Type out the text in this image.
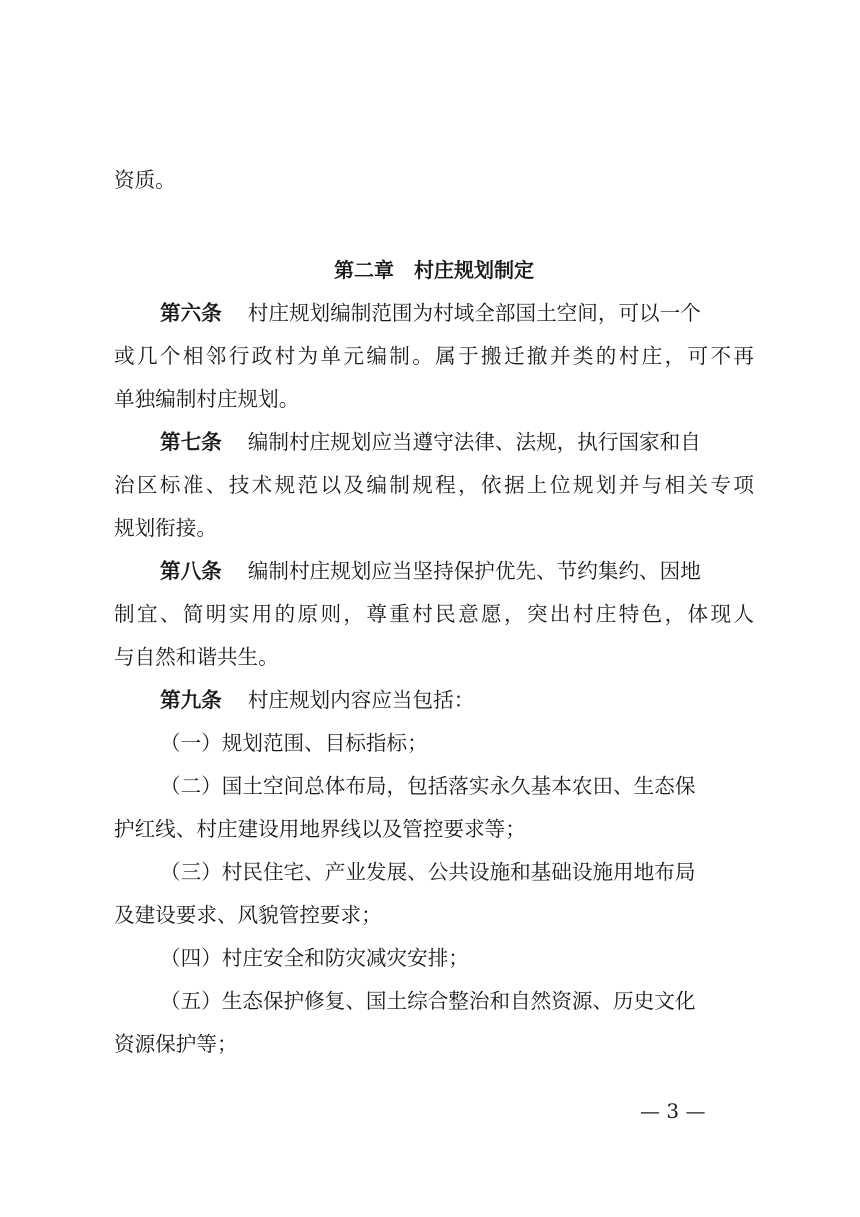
资质。
第二章　村庄规划制定
第六条 村庄规划编制范围为村域全部国土空间，可以一个
或几个相邻行政村为单元编制。属于搬迁撤并类的村庄，可不再
单独编制村庄规划。
第七条 编制村庄规划应当遵守法律、法规，执行国家和自
治区标准、技术规范以及编制规程，依据上位规划并与相关专项
规划衔接。
第八条 编制村庄规划应当坚持保护优先、节约集约、因地
制宜、简明实用的原则，尊重村民意愿，突出村庄特色，体现人
与自然和谐共生。
第九条 村庄规划内容应当包括：
（一）规划范围、目标指标；
（二）国土空间总体布局，包括落实永久基本农田、生态保
护红线、村庄建设用地界线以及管控要求等；
（三）村民住宅、产业发展、公共设施和基础设施用地布局
及建设要求、风貌管控要求；
（四）村庄安全和防灾减灾安排；
（五）生态保护修复、国土综合整治和自然资源、历史文化
资源保护等；
— 3 —
